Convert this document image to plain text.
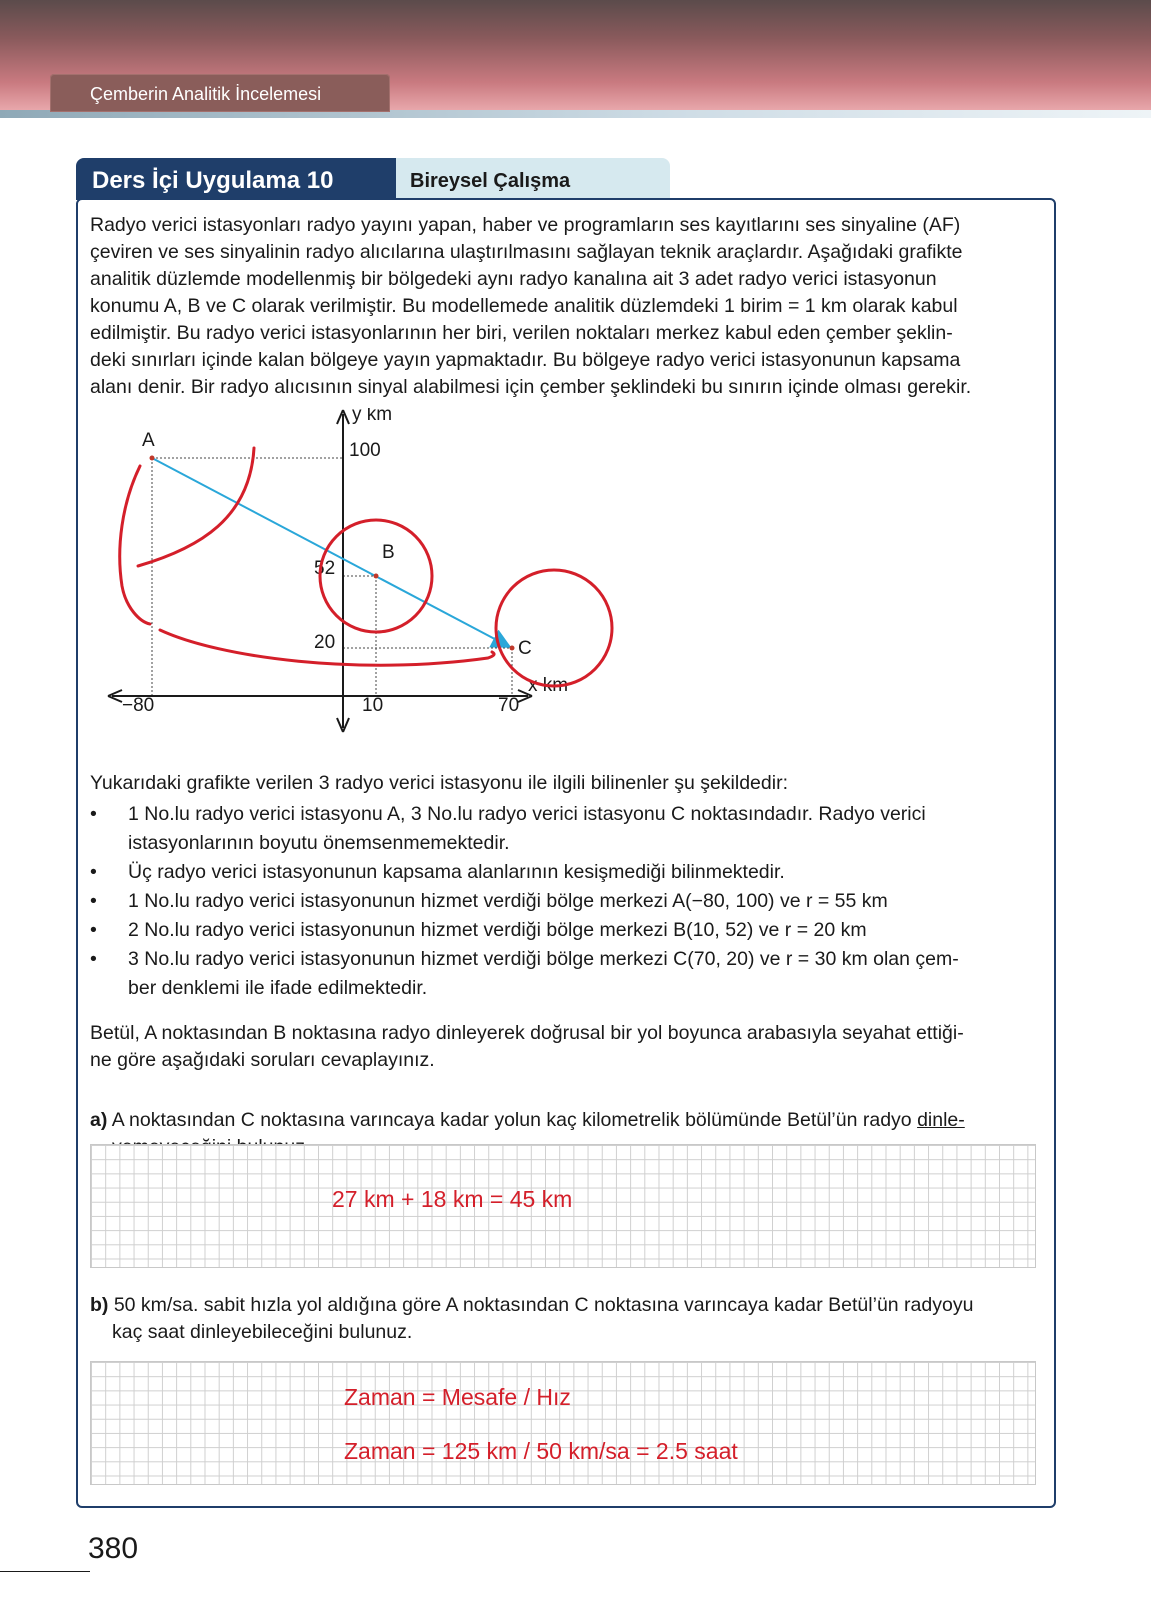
Çemberin Analitik İncelemesi
Ders İçi Uygulama 10	Bireysel Çalışma
Radyo verici istasyonları radyo yayını yapan, haber ve programların ses kayıtlarını ses sinyaline (AF)
çeviren ve ses sinyalinin radyo alıcılarına ulaştırılmasını sağlayan teknik araçlardır. Aşağıdaki grafikte
analitik düzlemde modellenmiş bir bölgedeki aynı radyo kanalına ait 3 adet radyo verici istasyonun
konumu A, B ve C olarak verilmiştir. Bu modellemede analitik düzlemdeki 1 birim = 1 km olarak kabul
edilmiştir. Bu radyo verici istasyonlarının her biri, verilen noktaları merkez kabul eden çember şeklin-
deki sınırları içinde kalan bölgeye yayın yapmaktadır. Bu bölgeye radyo verici istasyonunun kapsama
alanı denir. Bir radyo alıcısının sinyal alabilmesi için çember şeklindeki bu sınırın içinde olması gerekir.
y km
x km
100
52
20
−80	10	70
A
B
C
Yukarıdaki grafikte verilen 3 radyo verici istasyonu ile ilgili bilinenler şu şekildedir:
• 1 No.lu radyo verici istasyonu A, 3 No.lu radyo verici istasyonu C noktasındadır. Radyo verici
istasyonlarının boyutu önemsenmemektedir.
• Üç radyo verici istasyonunun kapsama alanlarının kesişmediği bilinmektedir.
• 1 No.lu radyo verici istasyonunun hizmet verdiği bölge merkezi A(−80, 100) ve r = 55 km
• 2 No.lu radyo verici istasyonunun hizmet verdiği bölge merkezi B(10, 52) ve r = 20 km
• 3 No.lu radyo verici istasyonunun hizmet verdiği bölge merkezi C(70, 20) ve r = 30 km olan çem-
ber denklemi ile ifade edilmektedir.
Betül, A noktasından B noktasına radyo dinleyerek doğrusal bir yol boyunca arabasıyla seyahat ettiği-
ne göre aşağıdaki soruları cevaplayınız.
a) A noktasından C noktasına varıncaya kadar yolun kaç kilometrelik bölümünde Betül’ün radyo dinle-
27 km + 18 km = 45 km
b) 50 km/sa. sabit hızla yol aldığına göre A noktasından C noktasına varıncaya kadar Betül’ün radyoyu
kaç saat dinleyebileceğini bulunuz.
Zaman = Mesafe / Hız
Zaman = 125 km / 50 km/sa = 2.5 saat
380
